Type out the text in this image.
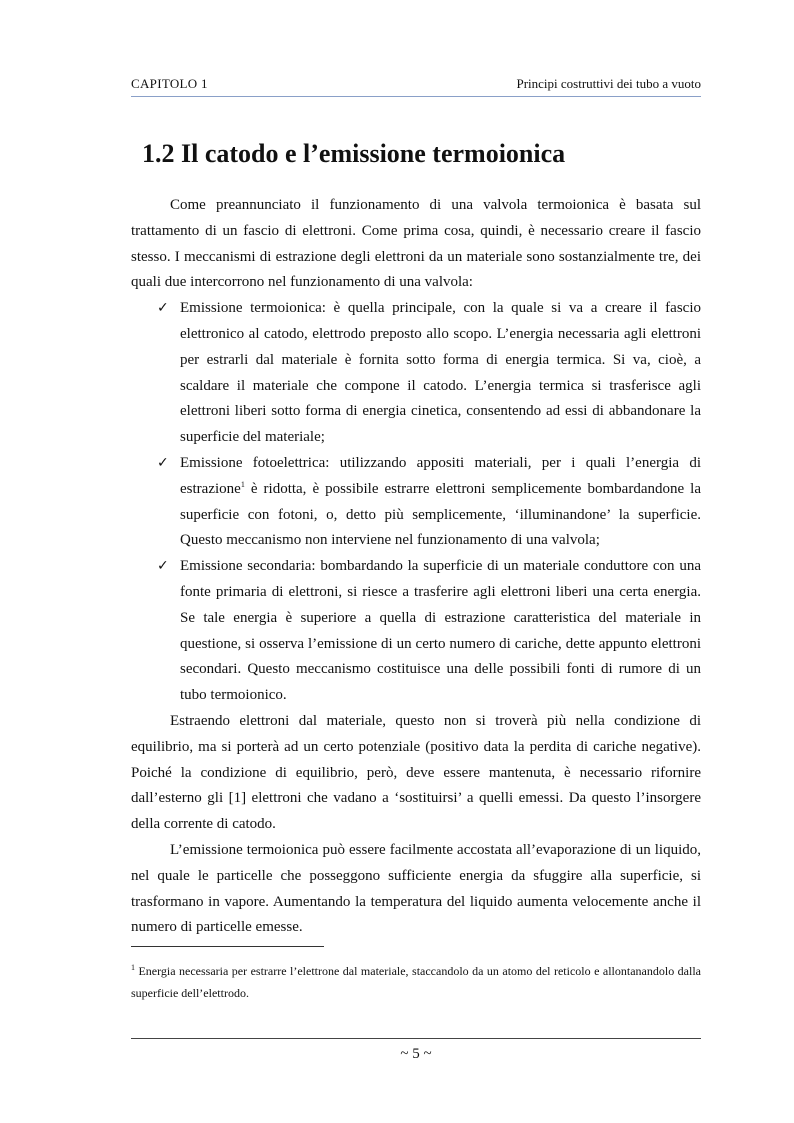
CAPITOLO 1	Principi costruttivi dei tubo a vuoto
1.2 Il catodo e l’emissione termoionica

Come preannunciato il funzionamento di una valvola termoionica è basata sul trattamento di un fascio di elettroni. Come prima cosa, quindi, è necessario creare il fascio stesso. I meccanismi di estrazione degli elettroni da un materiale sono sostanzialmente tre, dei quali due intercorrono nel funzionamento di una valvola:

✓ Emissione termoionica: è quella principale, con la quale si va a creare il fascio elettronico al catodo, elettrodo preposto allo scopo. L’energia necessaria agli elettroni per estrarli dal materiale è fornita sotto forma di energia termica. Si va, cioè, a scaldare il materiale che compone il catodo. L’energia termica si trasferisce agli elettroni liberi sotto forma di energia cinetica, consentendo ad essi di abbandonare la superficie del materiale;
✓ Emissione fotoelettrica: utilizzando appositi materiali, per i quali l’energia di estrazione$^1$ è ridotta, è possibile estrarre elettroni semplicemente bombardandone la superficie con fotoni, o, detto più semplicemente, ‘illuminandone’ la superficie. Questo meccanismo non interviene nel funzionamento di una valvola;
✓ Emissione secondaria: bombardando la superficie di un materiale conduttore con una fonte primaria di elettroni, si riesce a trasferire agli elettroni liberi una certa energia. Se tale energia è superiore a quella di estrazione caratteristica del materiale in questione, si osserva l’emissione di un certo numero di cariche, dette appunto elettroni secondari. Questo meccanismo costituisce una delle possibili fonti di rumore di un tubo termoionico.

Estraendo elettroni dal materiale, questo non si troverà più nella condizione di equilibrio, ma si porterà ad un certo potenziale (positivo data la perdita di cariche negative). Poiché la condizione di equilibrio, però, deve essere mantenuta, è necessario rifornire dall’esterno gli [1] elettroni che vadano a ‘sostituirsi’ a quelli emessi. Da questo l’insorgere della corrente di catodo.

L’emissione termoionica può essere facilmente accostata all’evaporazione di un liquido, nel quale le particelle che posseggono sufficiente energia da sfuggire alla superficie, si trasformano in vapore. Aumentando la temperatura del liquido aumenta velocemente anche il numero di particelle emesse.

$^1$ Energia necessaria per estrarre l’elettrone dal materiale, staccandolo da un atomo del reticolo e allontanandolo dalla superficie dell’elettrodo.
~ 5 ~
